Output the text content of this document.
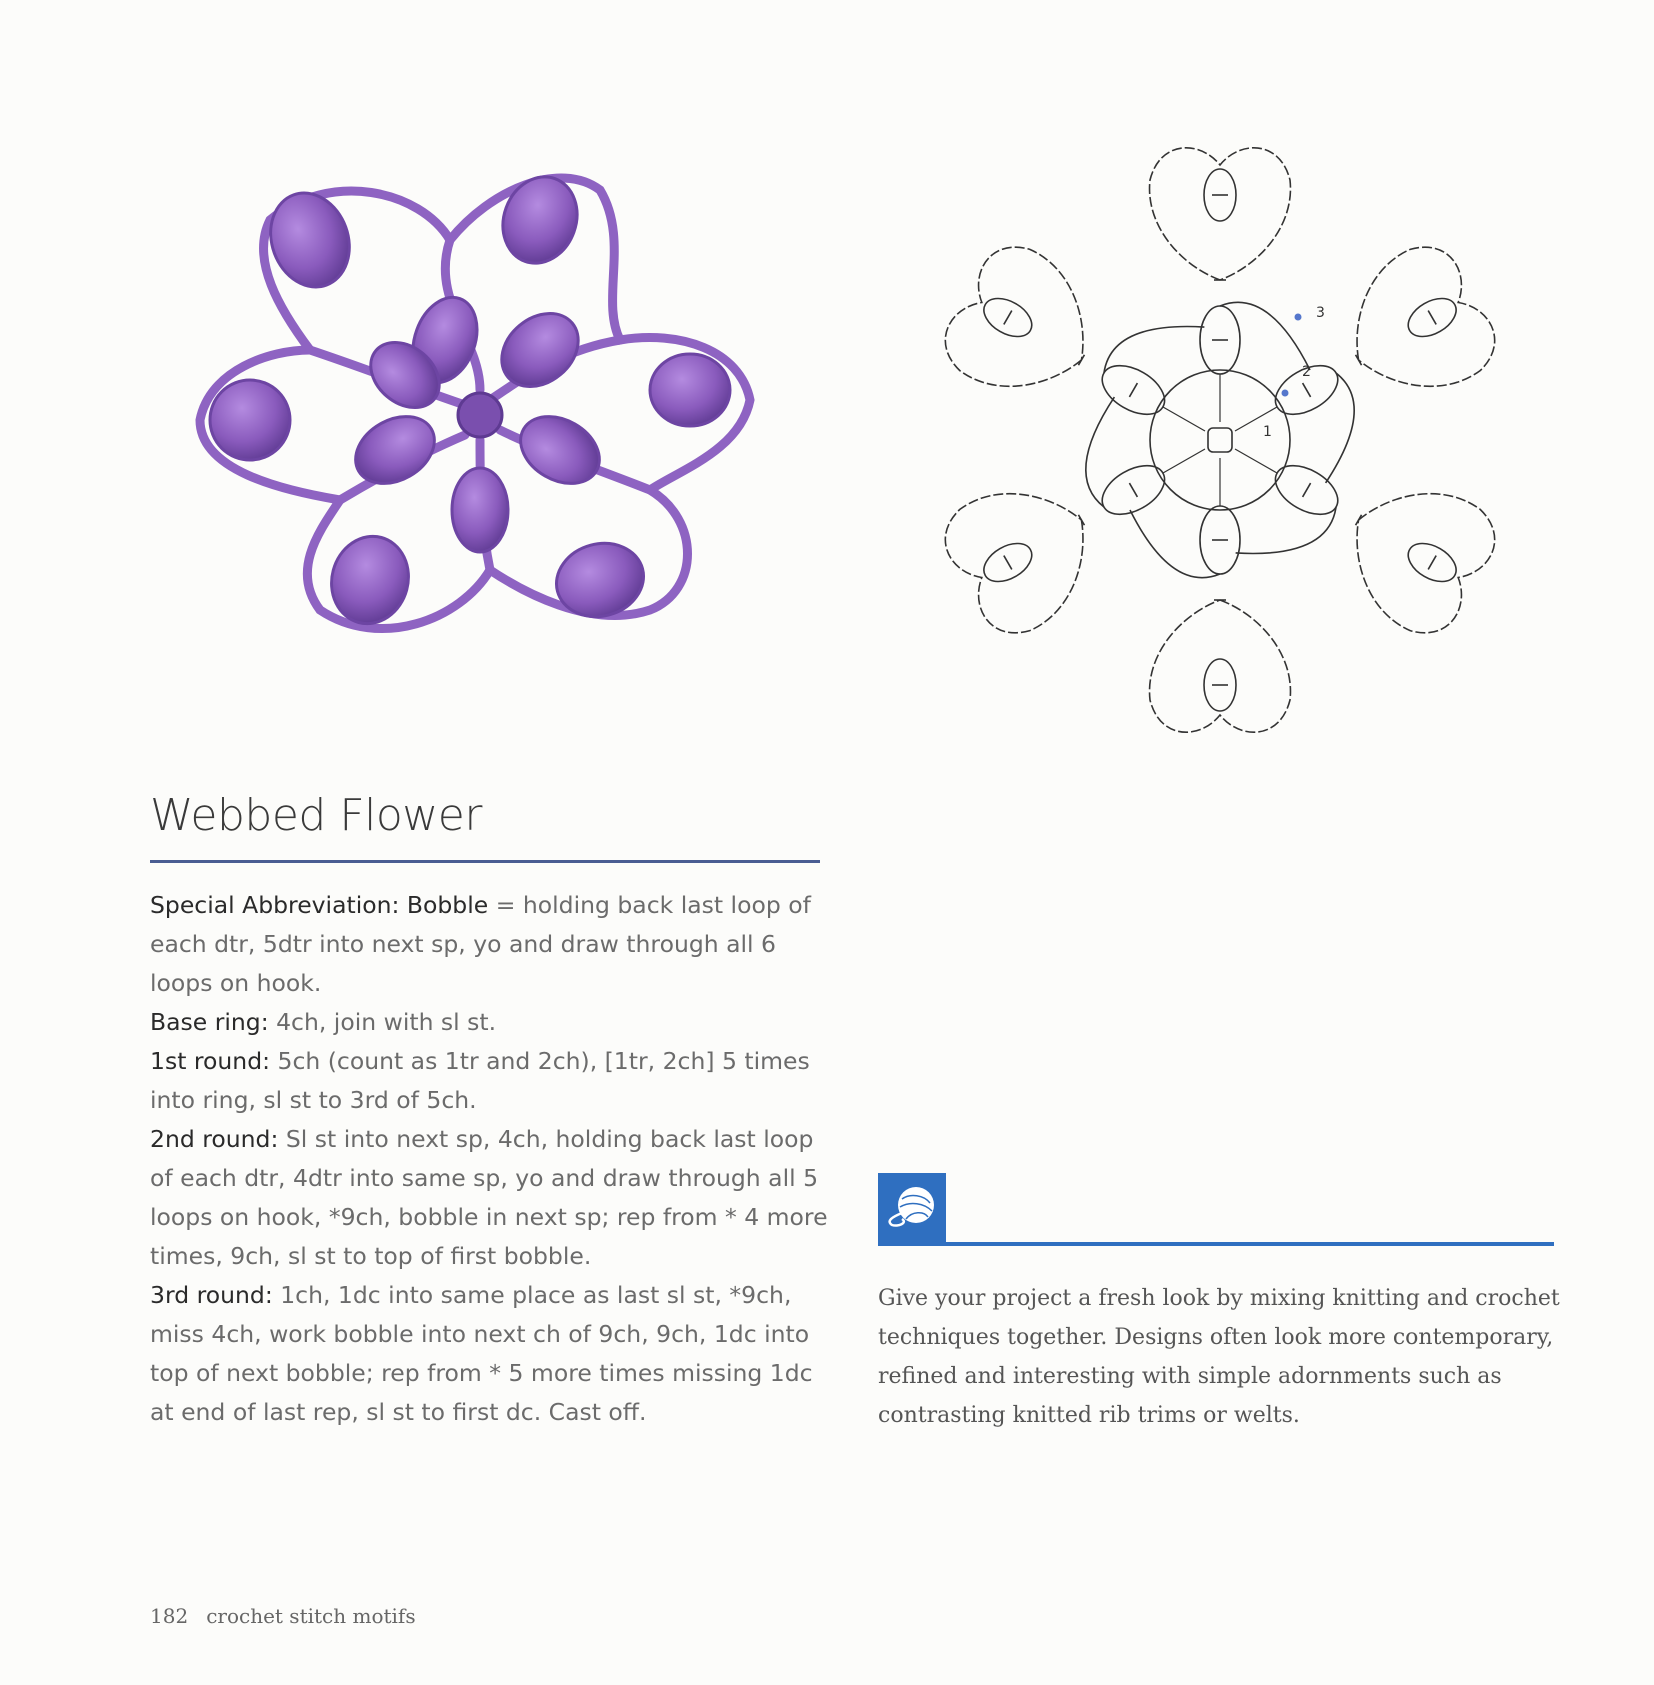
1
2
3
Webbed Flower

Special Abbreviation: Bobble = holding back last loop of each dtr, 5dtr into next sp, yo and draw through all 6 loops on hook.

Base ring: 4ch, join with sl st.

1st round: 5ch (count as 1tr and 2ch), [1tr, 2ch] 5 times into ring, sl st to 3rd of 5ch.

2nd round: Sl st into next sp, 4ch, holding back last loop of each dtr, 4dtr into same sp, yo and draw through all 5 loops on hook, *9ch, bobble in next sp; rep from * 4 more times, 9ch, sl st to top of first bobble.

3rd round: 1ch, 1dc into same place as last sl st, *9ch, miss 4ch, work bobble into next ch of 9ch, 9ch, 1dc into top of next bobble; rep from * 5 more times missing 1dc at end of last rep, sl st to first dc. Cast off.

Give your project a fresh look by mixing knitting and crochet techniques together. Designs often look more contemporary, refined and interesting with simple adornments such as contrasting knitted rib trims or welts.
182 crochet stitch motifs
